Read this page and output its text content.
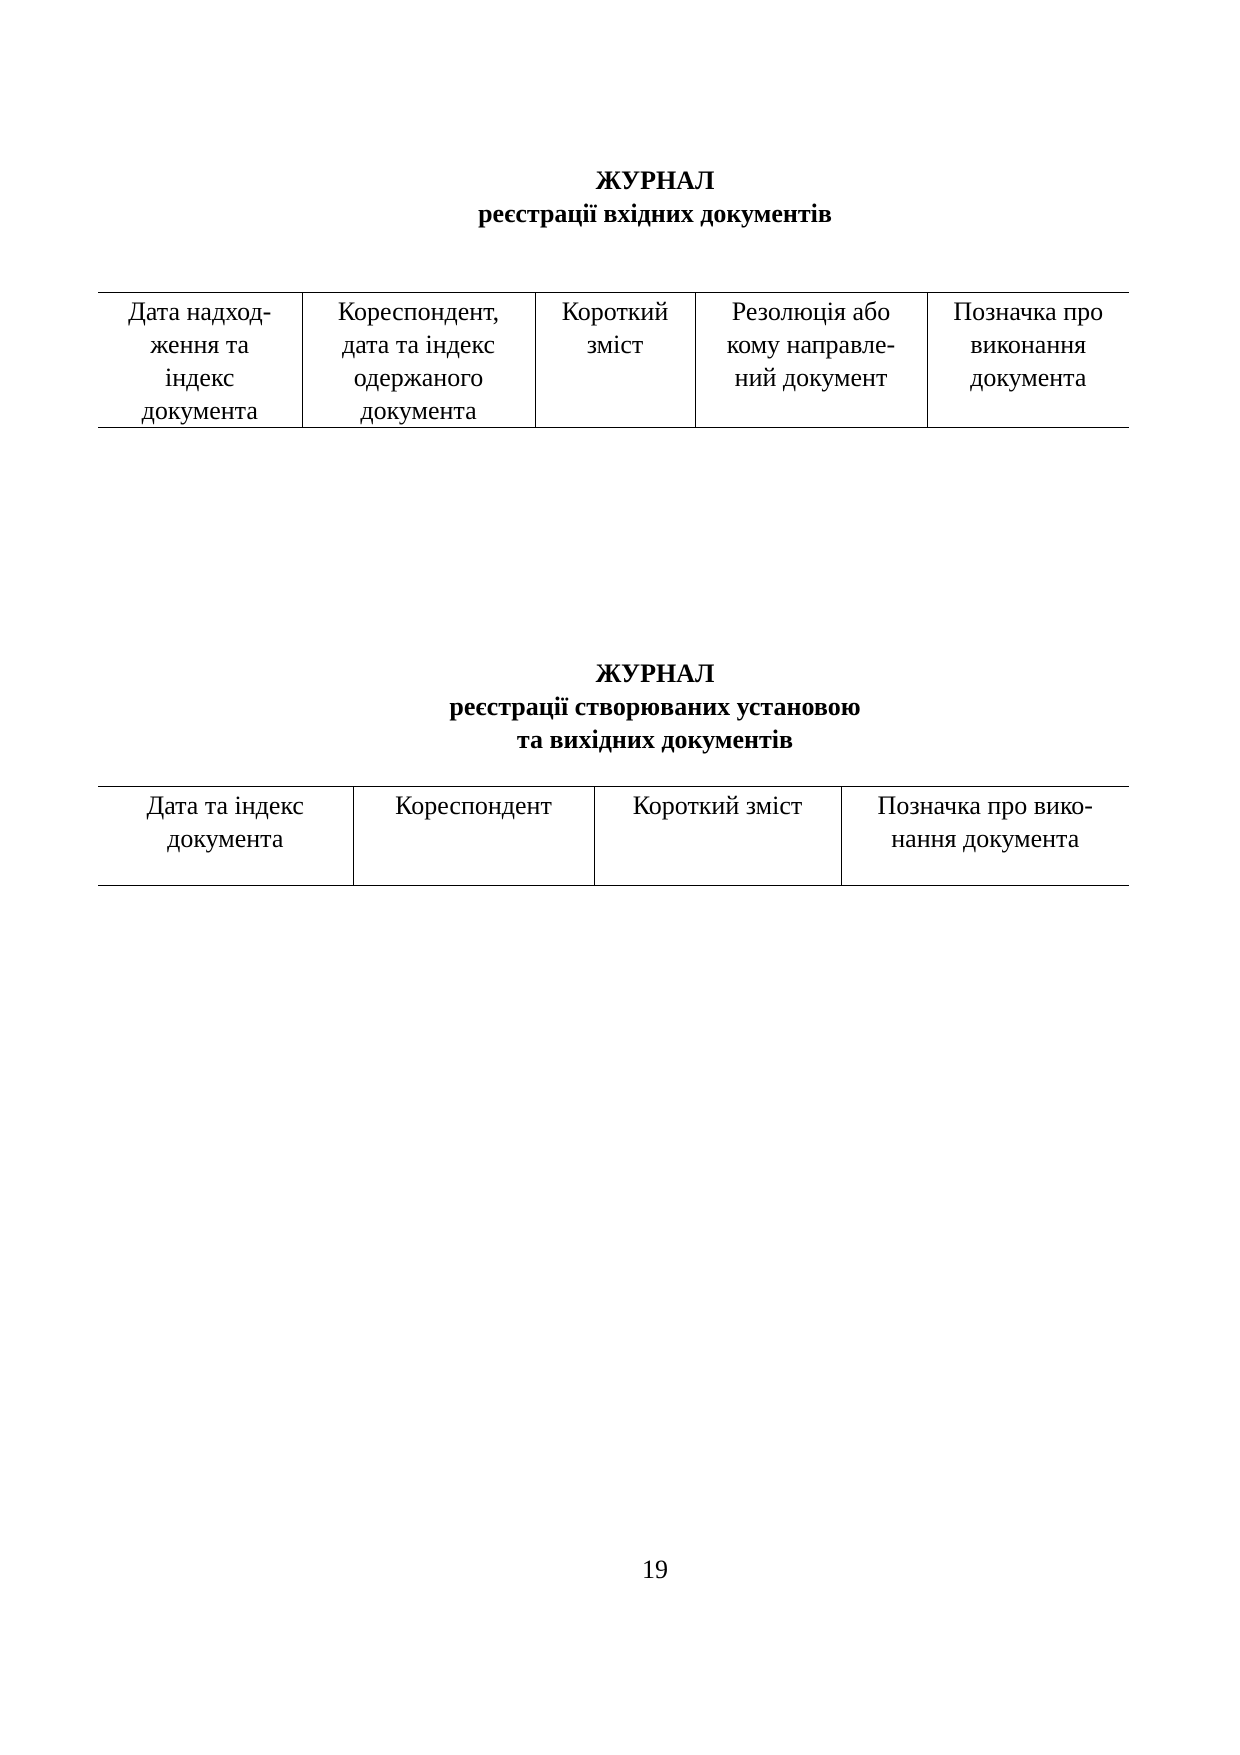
ЖУРНАЛ
реєстрації вхідних документів
Дата надход-
ження та
індекс
документа	Кореспондент,
дата та індекс
одержаного
документа	Короткий
зміст	Резолюція або
кому направле-
ний документ	Позначка про
виконання
документа
ЖУРНАЛ
реєстрації створюваних установою
та вихідних документів
Дата та індекс
документа	Кореспондент	Короткий зміст	Позначка про вико-
нання документа
19
